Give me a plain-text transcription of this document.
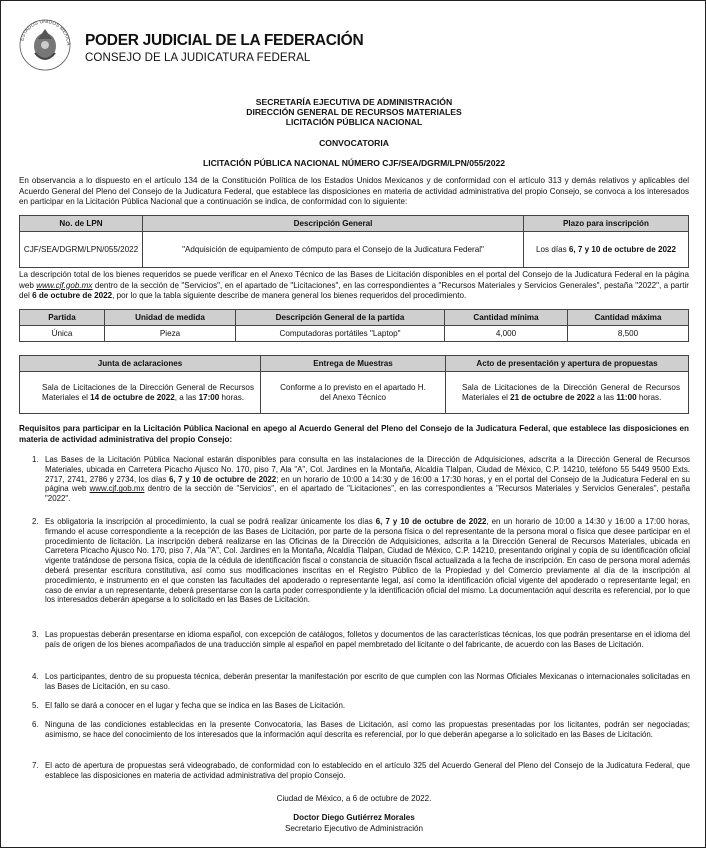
ESTADOS UNIDOS MEXICA PODER JUDICIAL DE LA FEDERACIÓN
CONSEJO DE LA JUDICATURA FEDERAL
SECRETARÍA EJECUTIVA DE ADMINISTRACIÓN
DIRECCIÓN GENERAL DE RECURSOS MATERIALES
LICITACIÓN PÚBLICA NACIONAL
CONVOCATORIA
LICITACIÓN PÚBLICA NACIONAL NÚMERO CJF/SEA/DGRM/LPN/055/2022
En observancia a lo dispuesto en el artículo 134 de la Constitución Política de los Estados Unidos Mexicanos y de conformidad con el artículo 313 y demás relativos y aplicables del Acuerdo General del Pleno del Consejo de la Judicatura Federal, que establece las disposiciones en materia de actividad administrativa del propio Consejo, se convoca a los interesados en participar en la Licitación Pública Nacional que a continuación se indica, de conformidad con lo siguiente:
No. de LPN	Descripción General	Plazo para inscripción
CJF/SEA/DGRM/LPN/055/2022	"Adquisición de equipamiento de cómputo para el Consejo de la Judicatura Federal"	Los días 6, 7 y 10 de octubre de 2022
La descripción total de los bienes requeridos se puede verificar en el Anexo Técnico de las Bases de Licitación disponibles en el portal del Consejo de la Judicatura Federal en la página web www.cjf.gob.mx dentro de la sección de "Servicios", en el apartado de "Licitaciones", en las correspondientes a "Recursos Materiales y Servicios Generales", pestaña "2022", a partir del 6 de octubre de 2022, por lo que la tabla siguiente describe de manera general los bienes requeridos del procedimiento.
Partida	Unidad de medida	Descripción General de la partida	Cantidad mínima	Cantidad máxima
Única	Pieza	Computadoras portátiles "Laptop"	4,000	8,500
Junta de aclaraciones	Entrega de Muestras	Acto de presentación y apertura de propuestas
Sala de Licitaciones de la Dirección General de Recursos Materiales el 14 de octubre de 2022, a las 17:00 horas.	Conforme a lo previsto en el apartado H. del Anexo Técnico	Sala de Licitaciones de la Dirección General de Recursos Materiales el 21 de octubre de 2022 a las 11:00 horas.
Requisitos para participar en la Licitación Pública Nacional en apego al Acuerdo General del Pleno del Consejo de la Judicatura Federal, que establece las disposiciones en materia de actividad administrativa del propio Consejo:
1. Las Bases de la Licitación Pública Nacional estarán disponibles para consulta en las instalaciones de la Dirección de Adquisiciones, adscrita a la Dirección General de Recursos Materiales, ubicada en Carretera Picacho Ajusco No. 170, piso 7, Ala "A", Col. Jardines en la Montaña, Alcaldía Tlalpan, Ciudad de México, C.P. 14210, teléfono 55 5449 9500 Exts. 2717, 2741, 2786 y 2734, los días 6, 7 y 10 de octubre de 2022; en un horario de 10:00 a 14:30 y de 16:00 a 17:30 horas, y en el portal del Consejo de la Judicatura Federal en su página web www.cjf.gob.mx dentro de la sección de "Servicios", en el apartado de "Licitaciones", en las correspondientes a "Recursos Materiales y Servicios Generales", pestaña "2022".
2. Es obligatoria la inscripción al procedimiento, la cual se podrá realizar únicamente los días 6, 7 y 10 de octubre de 2022, en un horario de 10:00 a 14:30 y 16:00 a 17:00 horas, firmando el acuse correspondiente a la recepción de las Bases de Licitación, por parte de la persona física o del representante de la persona moral o física que desee participar en el procedimiento de licitación. La inscripción deberá realizarse en las Oficinas de la Dirección de Adquisiciones, adscrita a la Dirección General de Recursos Materiales, ubicada en Carretera Picacho Ajusco No. 170, piso 7, Ala "A", Col. Jardines en la Montaña, Alcaldía Tlalpan, Ciudad de México, C.P. 14210, presentando original y copia de su identificación oficial vigente tratándose de persona física, copia de la cédula de identificación fiscal o constancia de situación fiscal actualizada a la fecha de inscripción. En caso de persona moral además deberá presentar escritura constitutiva, así como sus modificaciones inscritas en el Registro Público de la Propiedad y del Comercio previamente al día de la inscripción al procedimiento, e instrumento en el que consten las facultades del apoderado o representante legal, así como la identificación oficial vigente del apoderado o representante legal; en caso de enviar a un representante, deberá presentarse con la carta poder correspondiente y la identificación oficial del mismo. La documentación aquí descrita es referencial, por lo que los interesados deberán apegarse a lo solicitado en las Bases de Licitación.
3. Las propuestas deberán presentarse en idioma español, con excepción de catálogos, folletos y documentos de las características técnicas, los que podrán presentarse en el idioma del país de origen de los bienes acompañados de una traducción simple al español en papel membretado del licitante o del fabricante, de acuerdo con las Bases de Licitación.
4. Los participantes, dentro de su propuesta técnica, deberán presentar la manifestación por escrito de que cumplen con las Normas Oficiales Mexicanas o internacionales solicitadas en las Bases de Licitación, en su caso.
5. El fallo se dará a conocer en el lugar y fecha que se indica en las Bases de Licitación.
6. Ninguna de las condiciones establecidas en la presente Convocatoria, las Bases de Licitación, así como las propuestas presentadas por los licitantes, podrán ser negociadas; asimismo, se hace del conocimiento de los interesados que la información aquí descrita es referencial, por lo que deberán apegarse a lo solicitado en las Bases de Licitación.
7. El acto de apertura de propuestas será videograbado, de conformidad con lo establecido en el artículo 325 del Acuerdo General del Pleno del Consejo de la Judicatura Federal, que establece las disposiciones en materia de actividad administrativa del propio Consejo.
Ciudad de México, a 6 de octubre de 2022.
Doctor Diego Gutiérrez Morales
Secretario Ejecutivo de Administración
